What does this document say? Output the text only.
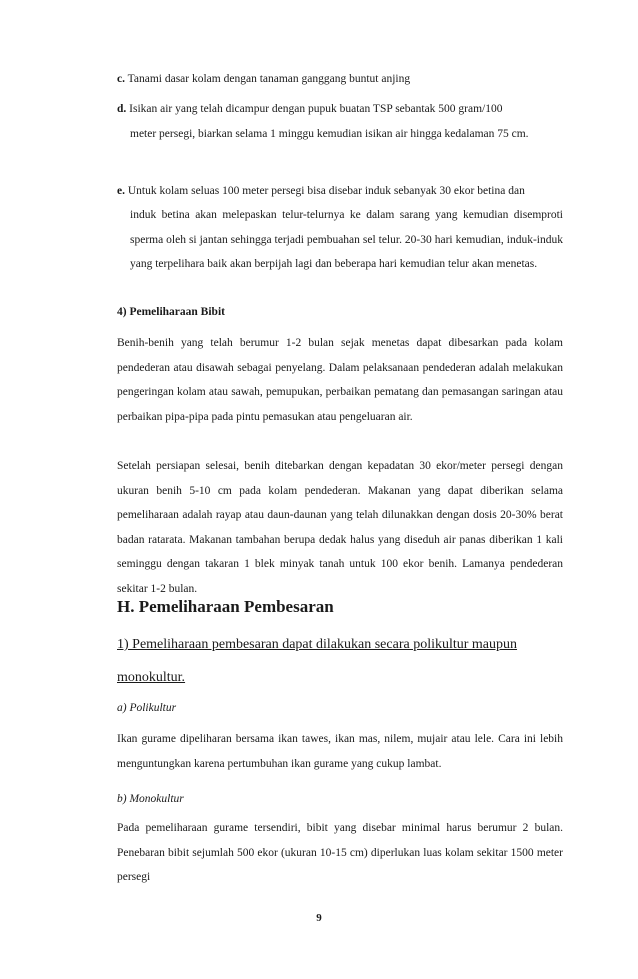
c. Tanami dasar kolam dengan tanaman ganggang buntut anjing
d. Isikan air yang telah dicampur dengan pupuk buatan TSP sebantak 500 gram/100
meter persegi, biarkan selama 1 minggu kemudian isikan air hingga kedalaman 75 cm.
e. Untuk kolam seluas 100 meter persegi bisa disebar induk sebanyak 30 ekor betina dan
induk betina akan melepaskan telur-telurnya ke dalam sarang yang kemudian disemproti sperma oleh si jantan sehingga terjadi pembuahan sel telur. 20-30 hari kemudian, induk-induk yang terpelihara baik akan berpijah lagi dan beberapa hari kemudian telur akan menetas.
4) Pemeliharaan Bibit
Benih-benih yang telah berumur 1-2 bulan sejak menetas dapat dibesarkan pada kolam pendederan atau disawah sebagai penyelang. Dalam pelaksanaan pendederan adalah melakukan pengeringan kolam atau sawah, pemupukan, perbaikan pematang dan pemasangan saringan atau perbaikan pipa-pipa pada pintu pemasukan atau pengeluaran air.
Setelah persiapan selesai, benih ditebarkan dengan kepadatan 30 ekor/meter persegi dengan ukuran benih 5-10 cm pada kolam pendederan. Makanan yang dapat diberikan selama pemeliharaan adalah rayap atau daun-daunan yang telah dilunakkan dengan dosis 20-30% berat badan ratarata. Makanan tambahan berupa dedak halus yang diseduh air panas diberikan 1 kali seminggu dengan takaran 1 blek minyak tanah untuk 100 ekor benih. Lamanya pendederan sekitar 1-2 bulan.
H. Pemeliharaan Pembesaran
1) Pemeliharaan pembesaran dapat dilakukan secara polikultur maupun
monokultur.
a) Polikultur
Ikan gurame dipeliharan bersama ikan tawes, ikan mas, nilem, mujair atau lele. Cara ini lebih menguntungkan karena pertumbuhan ikan gurame yang cukup lambat.
b) Monokultur
Pada pemeliharaan gurame tersendiri, bibit yang disebar minimal harus berumur 2 bulan. Penebaran bibit sejumlah 500 ekor (ukuran 10-15 cm) diperlukan luas kolam sekitar 1500 meter persegi
9
